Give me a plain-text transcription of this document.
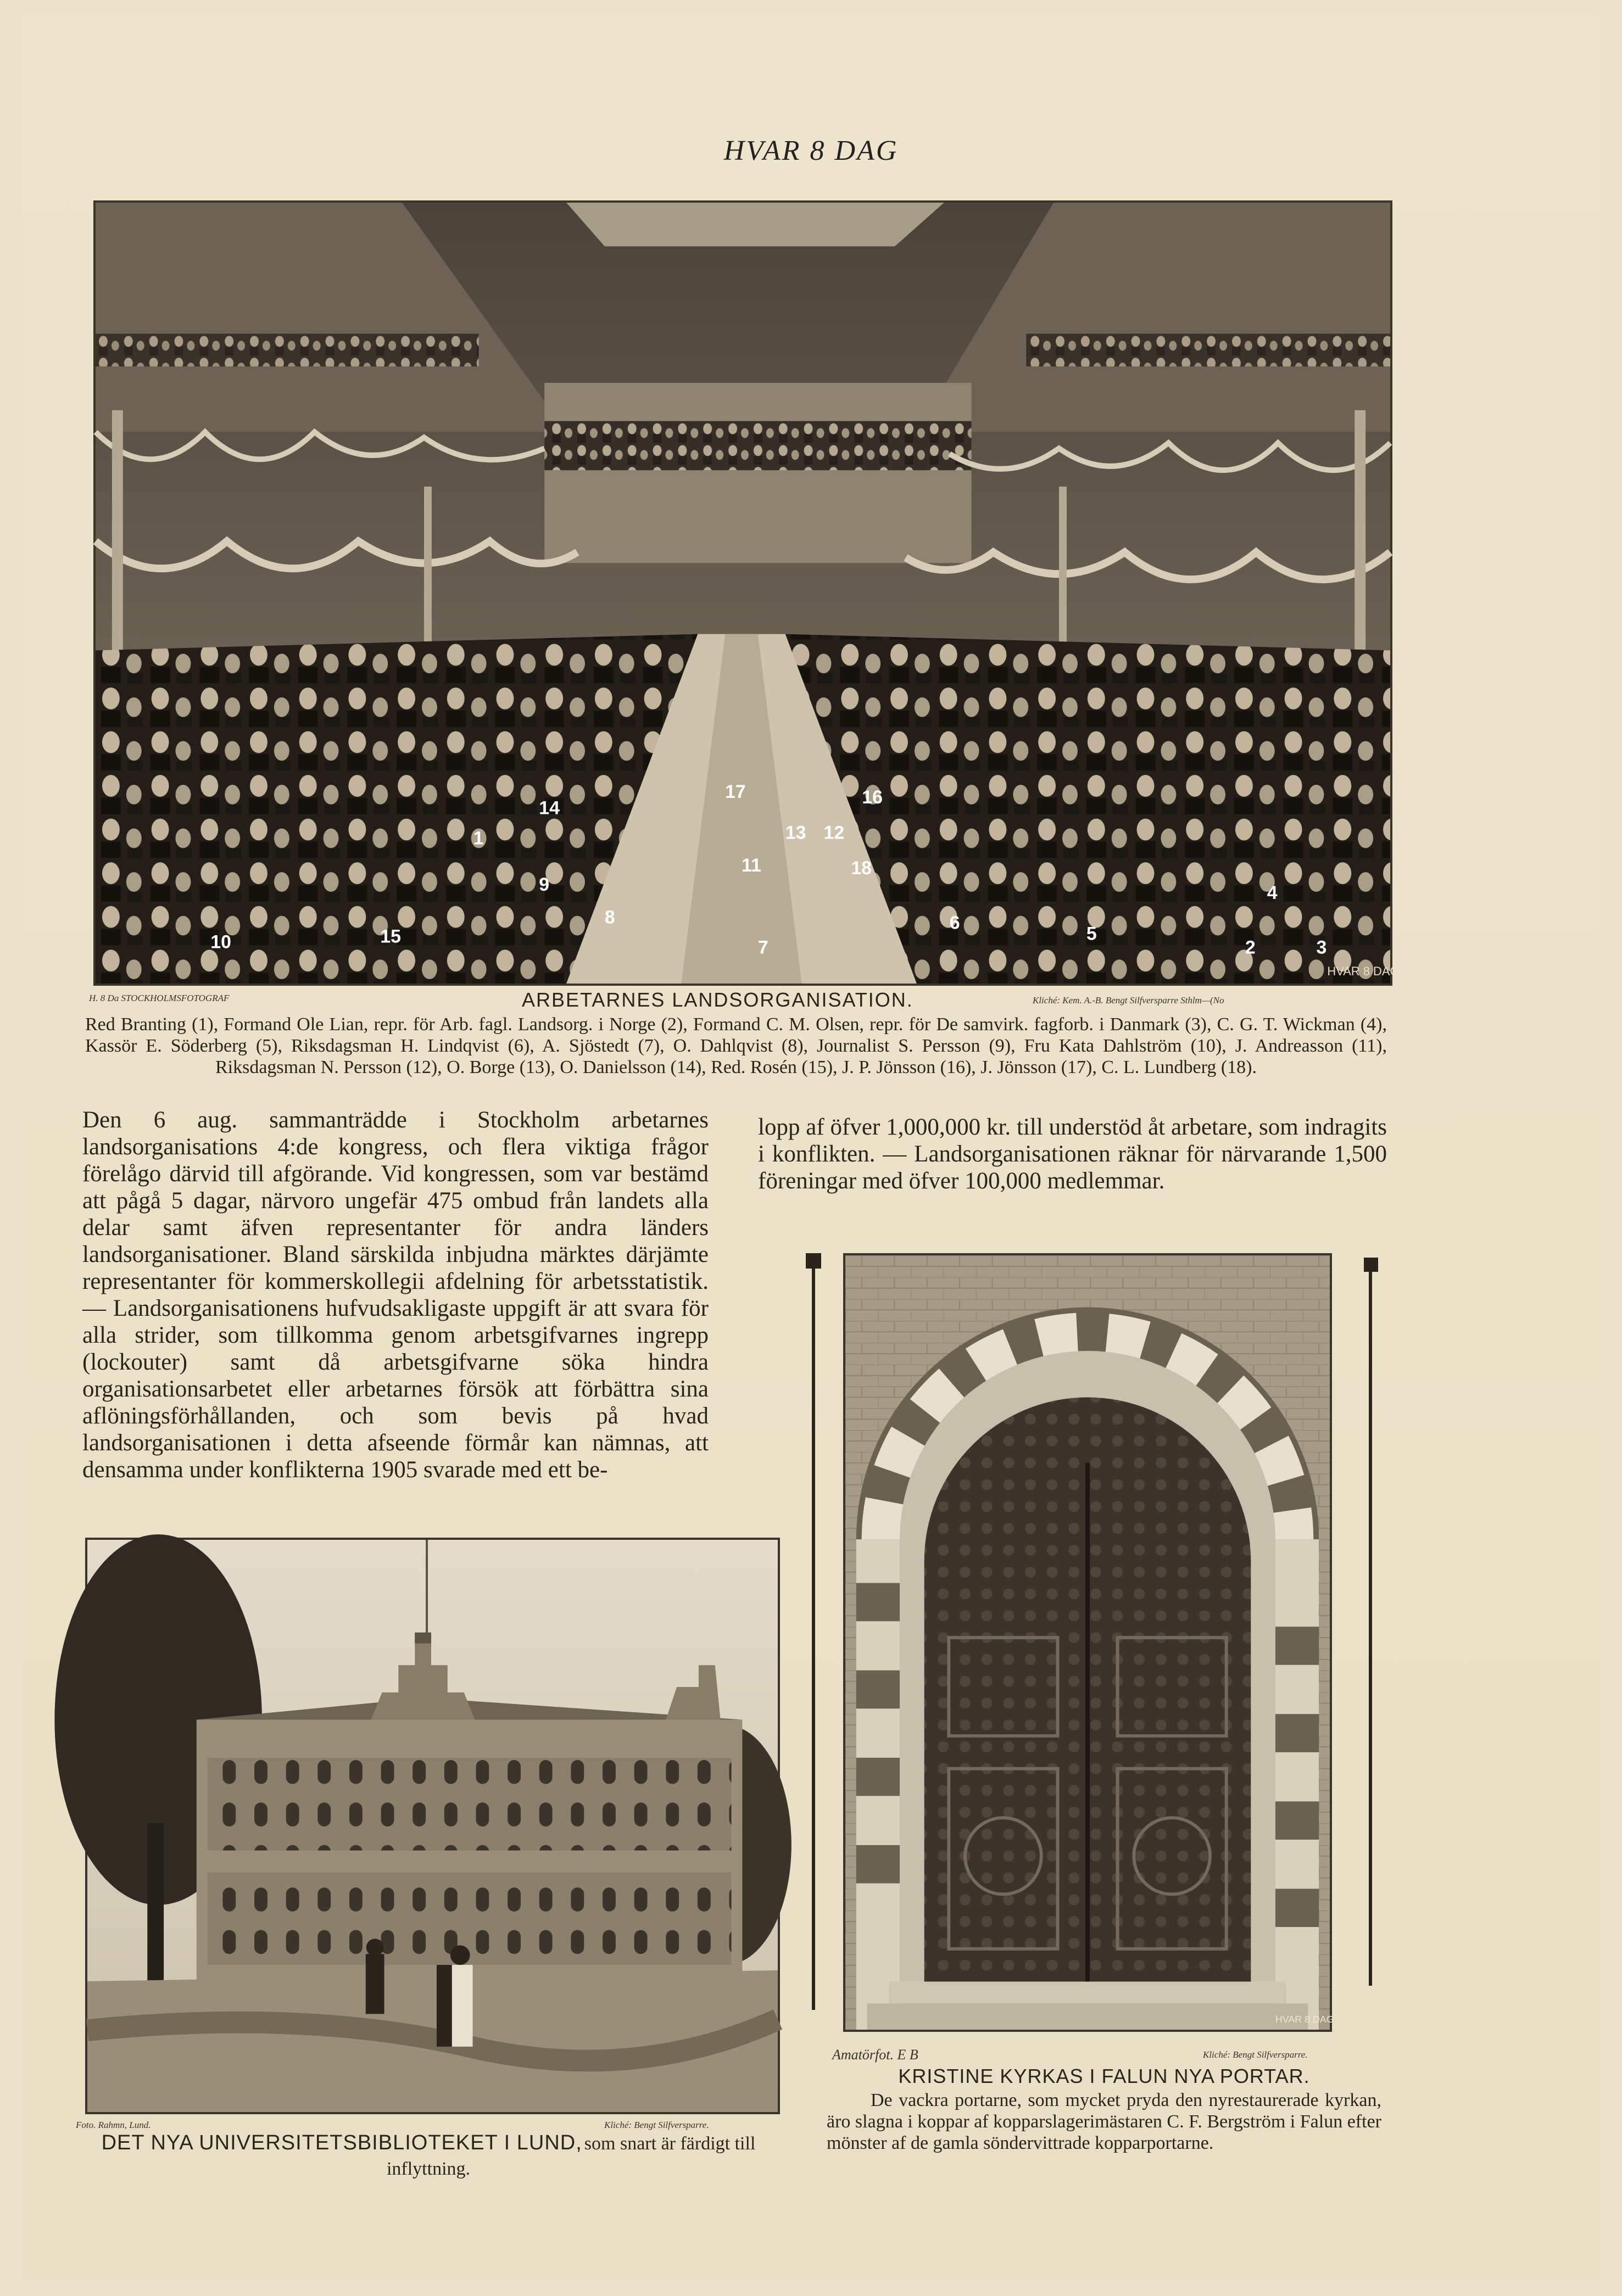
HVAR 8 DAG
1
2	3
4
5
6
7
8
9
10
11
12
13
14
15
16
17
18
HVAR 8 DAG
H. 8 Da STOCKHOLMSFOTOGRAF	ARBETARNES LANDSORGANISATION.	Kliché: Kem. A.-B. Bengt Silfversparre Sthlm—(No
Red Branting (1), Formand Ole Lian, repr. för Arb. fagl. Landsorg. i Norge (2), Formand C. M. Olsen, repr. för De samvirk. fagforb. i Danmark (3), C. G. T. Wickman (4), Kassör E. Söderberg (5), Riksdagsman H. Lindqvist (6), A. Sjöstedt (7), O. Dahlqvist (8), Journalist S. Persson (9), Fru Kata Dahlström (10), J. Andreasson (11), Riksdagsman N. Persson (12), O. Borge (13), O. Danielsson (14), Red. Rosén (15), J. P. Jönsson (16), J. Jönsson (17), C. L. Lundberg (18).
Den 6 aug. sammanträdde i Stockholm arbetarnes landsorganisations 4:de kongress, och flera viktiga frågor förelågo därvid till afgörande. Vid kongressen, som var bestämd att pågå 5 dagar, närvoro ungefär 475 ombud från landets alla delar samt äfven representanter för andra länders landsorganisationer. Bland särskilda inbjudna märktes därjämte representanter för kommerskollegii afdelning för arbetsstatistik. — Landsorganisationens hufvudsakligaste uppgift är att svara för alla strider, som tillkomma genom arbetsgifvarnes ingrepp (lockouter) samt då arbetsgifvarne söka hindra organisationsarbetet eller arbetarnes försök att förbättra sina aflöningsförhållanden, och som bevis på hvad landsorganisationen i detta afseende förmår kan nämnas, att densamma under konflikterna 1905 svarade med ett be-
lopp af öfver 1,000,000 kr. till understöd åt arbetare, som indragits i konflikten. — Landsorganisationen räknar för närvarande 1,500 föreningar med öfver 100,000 medlemmar.
Foto. Rahmn, Lund.	Kliché: Bengt Silfversparre.
DET NYA UNIVERSITETSBIBLIOTEKET I LUND, som snart är färdigt till inflyttning.
HVAR 8 DAG
Amatörfot. E B	Kliché: Bengt Silfversparre.
KRISTINE KYRKAS I FALUN NYA PORTAR.
De vackra portarne, som mycket pryda den nyrestaurerade kyrkan, äro slagna i koppar af kopparslagerimästaren C. F. Bergström i Falun efter mönster af de gamla söndervittrade kopparportarne.
